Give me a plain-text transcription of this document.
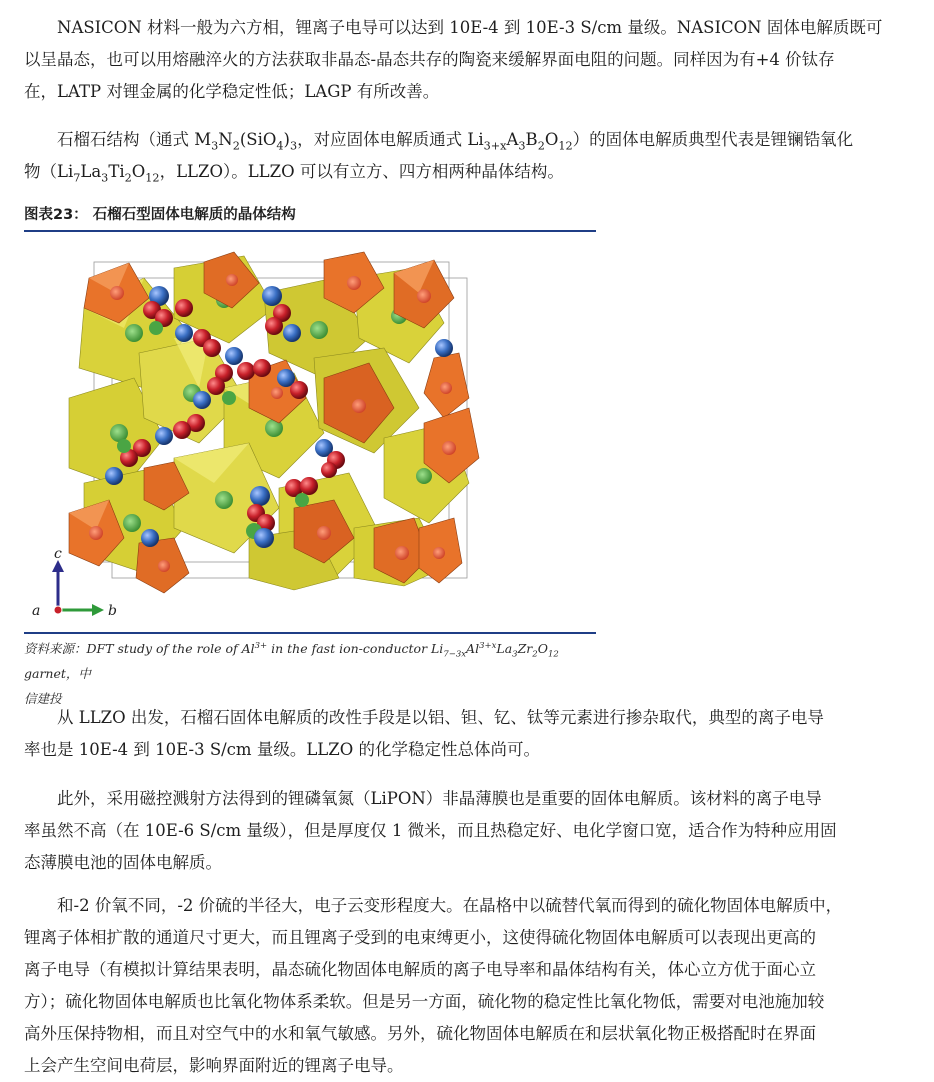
NASICON 材料一般为六方相，锂离子电导可以达到 10E-4 到 10E-3 S/cm 量级。NASICON 固体电解质既可
以呈晶态，也可以用熔融淬火的方法获取非晶态-晶态共存的陶瓷来缓解界面电阻的问题。同样因为有+4 价钛存
在，LATP 对锂金属的化学稳定性低；LAGP 有所改善。

石榴石结构（通式 $M_3N_2(SiO_4)_3$，对应固体电解质通式 $Li_{3+x}A_3B_2O_{12}$）的固体电解质典型代表是锂镧锆氧化
物（$Li_7La_3Ti_2O_{12}$，LLZO）。LLZO 可以有立方、四方相两种晶体结构。

图表23： 石榴石型固体电解质的晶体结构
c
a	b
资料来源：DFT study of the role of $Al^{3+}$ in the fast ion-conductor $Li_{7-3x}Al^{3+x}La_3Zr_2O_{12}$ garnet，中
信建投

从 LLZO 出发，石榴石固体电解质的改性手段是以铝、钽、钇、钛等元素进行掺杂取代，典型的离子电导
率也是 10E-4 到 10E-3 S/cm 量级。LLZO 的化学稳定性总体尚可。

此外，采用磁控溅射方法得到的锂磷氧氮（LiPON）非晶薄膜也是重要的固体电解质。该材料的离子电导
率虽然不高（在 10E-6 S/cm 量级），但是厚度仅 1 微米，而且热稳定好、电化学窗口宽，适合作为特种应用固
态薄膜电池的固体电解质。

和-2 价氧不同，-2 价硫的半径大，电子云变形程度大。在晶格中以硫替代氧而得到的硫化物固体电解质中，
锂离子体相扩散的通道尺寸更大，而且锂离子受到的电束缚更小，这使得硫化物固体电解质可以表现出更高的
离子电导（有模拟计算结果表明，晶态硫化物固体电解质的离子电导率和晶体结构有关，体心立方优于面心立
方）；硫化物固体电解质也比氧化物体系柔软。但是另一方面，硫化物的稳定性比氧化物低，需要对电池施加较
高外压保持物相，而且对空气中的水和氧气敏感。另外，硫化物固体电解质在和层状氧化物正极搭配时在界面
上会产生空间电荷层，影响界面附近的锂离子电导。
